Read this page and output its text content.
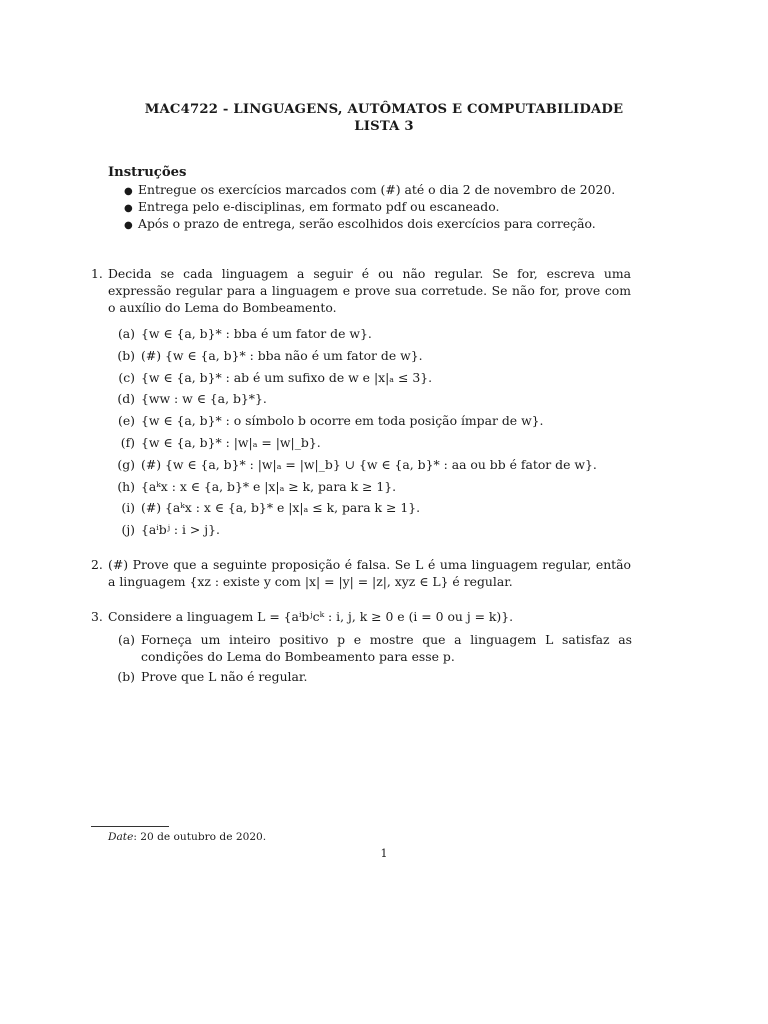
MAC4722 - LINGUAGENS, AUTÔMATOS E COMPUTABILIDADE
LISTA 3
Instruções
● Entregue os exercícios marcados com (#) até o dia 2 de novembro de 2020.
● Entrega pelo e-disciplinas, em formato pdf ou escaneado.
● Após o prazo de entrega, serão escolhidos dois exercícios para correção.
1. Decida se cada linguagem a seguir é ou não regular. Se for, escreva uma expressão regular para a linguagem e prove sua corretude. Se não for, prove com o auxílio do Lema do Bombeamento.
(a) {w ∈ {a, b}* : bba é um fator de w}.
(b) (#) {w ∈ {a, b}* : bba não é um fator de w}.
(c) {w ∈ {a, b}* : ab é um sufixo de w e |x|ₐ ≤ 3}.
(d) {ww : w ∈ {a, b}*}.
(e) {w ∈ {a, b}* : o símbolo b ocorre em toda posição ímpar de w}.
(f) {w ∈ {a, b}* : |w|ₐ = |w|_b}.
(g) (#) {w ∈ {a, b}* : |w|ₐ = |w|_b} ∪ {w ∈ {a, b}* : aa ou bb é fator de w}.
(h) {aᵏx : x ∈ {a, b}* e |x|ₐ ≥ k, para k ≥ 1}.
(i) (#) {aᵏx : x ∈ {a, b}* e |x|ₐ ≤ k, para k ≥ 1}.
(j) {aⁱbʲ : i > j}.
2. (#) Prove que a seguinte proposição é falsa. Se L é uma linguagem regular, então a linguagem {xz : existe y com |x| = |y| = |z|, xyz ∈ L} é regular.
3. Considere a linguagem L = {aⁱbʲcᵏ : i, j, k ≥ 0 e (i = 0 ou j = k)}.
(a) Forneça um inteiro positivo p e mostre que a linguagem L satisfaz as condições do Lema do Bombeamento para esse p.
(b) Prove que L não é regular.
Date: 20 de outubro de 2020.
1
